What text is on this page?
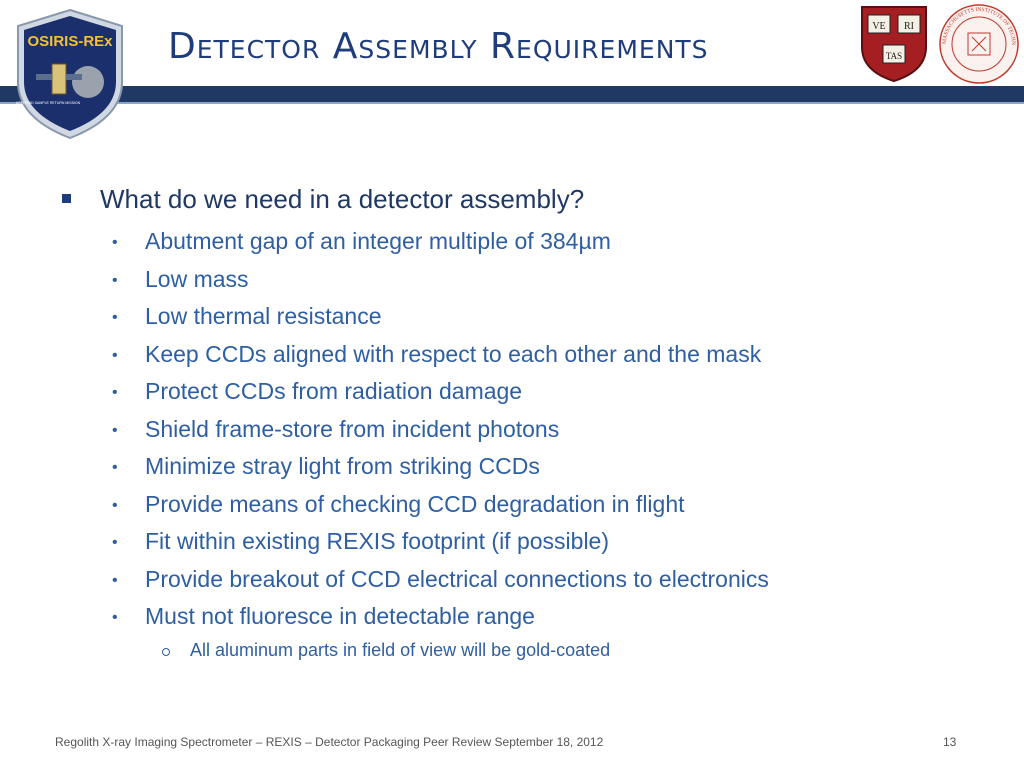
OSIRIS-REx
ASTEROID SAMPLE RETURN MISSION
Detector Assembly Requirements	VE RI
TAS
MASSACHUSETTS INSTITUTE OF TECHN
What do we need in a detector assembly?
• Abutment gap of an integer multiple of 384µm
• Low mass
• Low thermal resistance
• Keep CCDs aligned with respect to each other and the mask
• Protect CCDs from radiation damage
• Shield frame-store from incident photons
• Minimize stray light from striking CCDs
• Provide means of checking CCD degradation in flight
• Fit within existing REXIS footprint (if possible)
• Provide breakout of CCD electrical connections to electronics
• Must not fluoresce in detectable range
All aluminum parts in field of view will be gold-coated
Regolith X-ray Imaging Spectrometer – REXIS – Detector Packaging Peer Review September 18, 2012	13
